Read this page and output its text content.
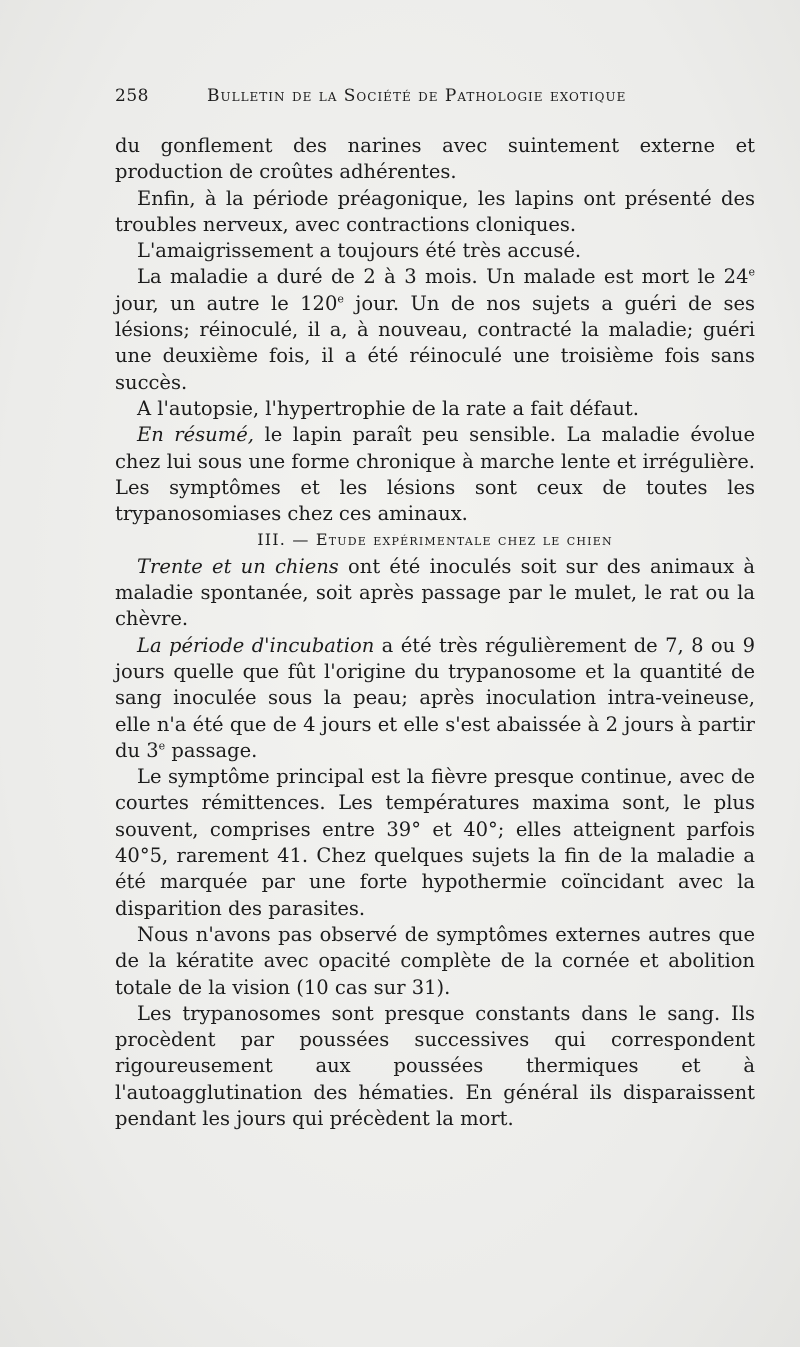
258	Bulletin de la Société de Pathologie exotique

du gonflement des narines avec suintement externe et production de croûtes adhérentes.

Enfin, à la période préagonique, les lapins ont présenté des troubles nerveux, avec contractions cloniques.

L'amaigrissement a toujours été très accusé.

La maladie a duré de 2 à 3 mois. Un malade est mort le 24e jour, un autre le 120e jour. Un de nos sujets a guéri de ses lésions; réinoculé, il a, à nouveau, contracté la maladie; guéri une deuxième fois, il a été réinoculé une troisième fois sans succès.

A l'autopsie, l'hypertrophie de la rate a fait défaut.

En résumé, le lapin paraît peu sensible. La maladie évolue chez lui sous une forme chronique à marche lente et irrégulière. Les symptômes et les lésions sont ceux de toutes les trypanosomiases chez ces aminaux.

III. — Etude expérimentale chez le chien

Trente et un chiens ont été inoculés soit sur des animaux à maladie spontanée, soit après passage par le mulet, le rat ou la chèvre.

La période d'incubation a été très régulièrement de 7, 8 ou 9 jours quelle que fût l'origine du trypanosome et la quantité de sang inoculée sous la peau; après inoculation intra-veineuse, elle n'a été que de 4 jours et elle s'est abaissée à 2 jours à partir du 3e passage.

Le symptôme principal est la fièvre presque continue, avec de courtes rémittences. Les températures maxima sont, le plus souvent, comprises entre 39° et 40°; elles atteignent parfois 40°5, rarement 41. Chez quelques sujets la fin de la maladie a été marquée par une forte hypothermie coïncidant avec la disparition des parasites.

Nous n'avons pas observé de symptômes externes autres que de la kératite avec opacité complète de la cornée et abolition totale de la vision (10 cas sur 31).

Les trypanosomes sont presque constants dans le sang. Ils procèdent par poussées successives qui correspondent rigoureusement aux poussées thermiques et à l'autoagglutination des hématies. En général ils disparaissent pendant les jours qui précèdent la mort.
